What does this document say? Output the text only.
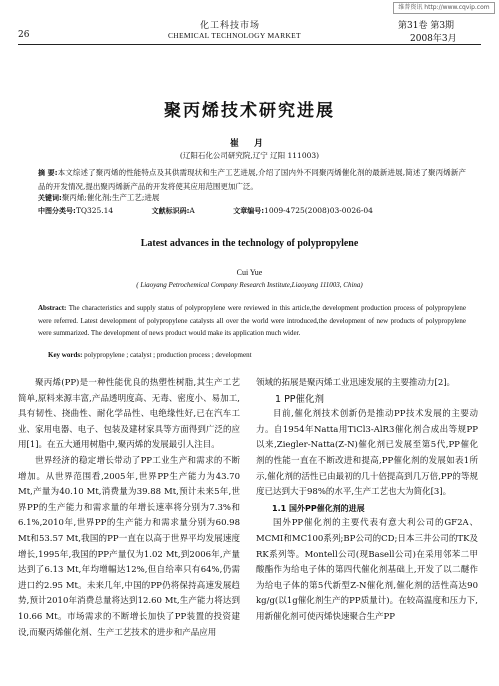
维普资讯 http://www.cqvip.com
化工科技市场	第31卷 第3期
26	CHEMICAL TECHNOLOGY MARKET	2008年3月
聚丙烯技术研究进展
崔 月
(辽阳石化公司研究院,辽宁 辽阳 111003)
摘 要:本文综述了聚丙烯的性能特点及其供需现状和生产工艺进展,介绍了国内外不同聚丙烯催化剂的最新进展,简述了聚丙烯新产品的开发情况,提出聚丙烯新产品的开发将使其应用范围更加广泛。
关键词:聚丙烯;催化剂;生产工艺;进展
中图分类号:TQ325.14	文献标识码:A	文章编号:1009-4725(2008)03-0026-04
Latest advances in the technology of polypropylene
Cui Yue
( Liaoyang Petrochemical Company Research Institute,Liaoyang 111003, China)
Abstract: The characteristics and supply status of polypropylene were reviewed in this article,the development production process of polypropylene were referred. Latest development of polypropylene catalysts all over the world were introduced,the development of new products of polypropylene were summarized. The development of news product would make its application much wider.
Key words: polypropylene ; catalyst ; production process ; development

聚丙烯(PP)是一种性能优良的热塑性树脂,其生产工艺简单,原料来源丰富,产品透明度高、无毒、密度小、易加工,具有韧性、挠曲性、耐化学品性、电绝缘性好,已在汽车工业、家用电器、电子、包装及建材家具等方面得到广泛的应用[1]。在五大通用树脂中,聚丙烯的发展最引人注目。

世界经济的稳定增长带动了PP工业生产和需求的不断增加。从世界范围看,2005年,世界PP生产能力为43.70 Mt,产量为40.10 Mt,消费量为39.88 Mt,预计未来5年,世界PP的生产能力和需求量的年增长速率将分别为7.3%和6.1%,2010年,世界PP的生产能力和需求量分别为60.98 Mt和53.57 Mt,我国的PP一直在以高于世界平均发展速度增长,1995年,我国的PP产量仅为1.02 Mt,到2006年,产量达到了6.13 Mt,年均增幅达12%,但自给率只有64%,仍需进口约2.95 Mt。未来几年,中国的PP仍将保持高速发展趋势,预计2010年消费总量将达到12.60 Mt,生产能力将达到10.66 Mt。市场需求的不断增长加快了PP装置的投资建设,而聚丙烯催化剂、生产工艺技术的进步和产品应用

领域的拓展是聚丙烯工业迅速发展的主要推动力[2]。

1 PP催化剂

目前,催化剂技术创新仍是推动PP技术发展的主要动力。自1954年Natta用TiCl3-AlR3催化剂合成出等规PP以来,Ziegler-Natta(Z-N)催化剂已发展至第5代,PP催化剂的性能一直在不断改进和提高,PP催化剂的发展如表1所示,催化剂的活性已由最初的几十倍提高到几万倍,PP的等规度已达到大于98%的水平,生产工艺也大为简化[3]。

1.1 国外PP催化剂的进展

国外PP催化剂的主要代表有意大利公司的GF2A、MCMI和MC100系列;BP公司的CD;日本三井公司的TK及RK系列等。Montell公司(现Basell公司)在采用邻苯二甲酸酯作为给电子体的第四代催化剂基础上,开发了以二醚作为给电子体的第5代新型Z-N催化剂,催化剂的活性高达90 kg/g(以1g催化剂生产的PP质量计)。在较高温度和压力下,用新催化剂可使丙烯快速聚合生产PP
